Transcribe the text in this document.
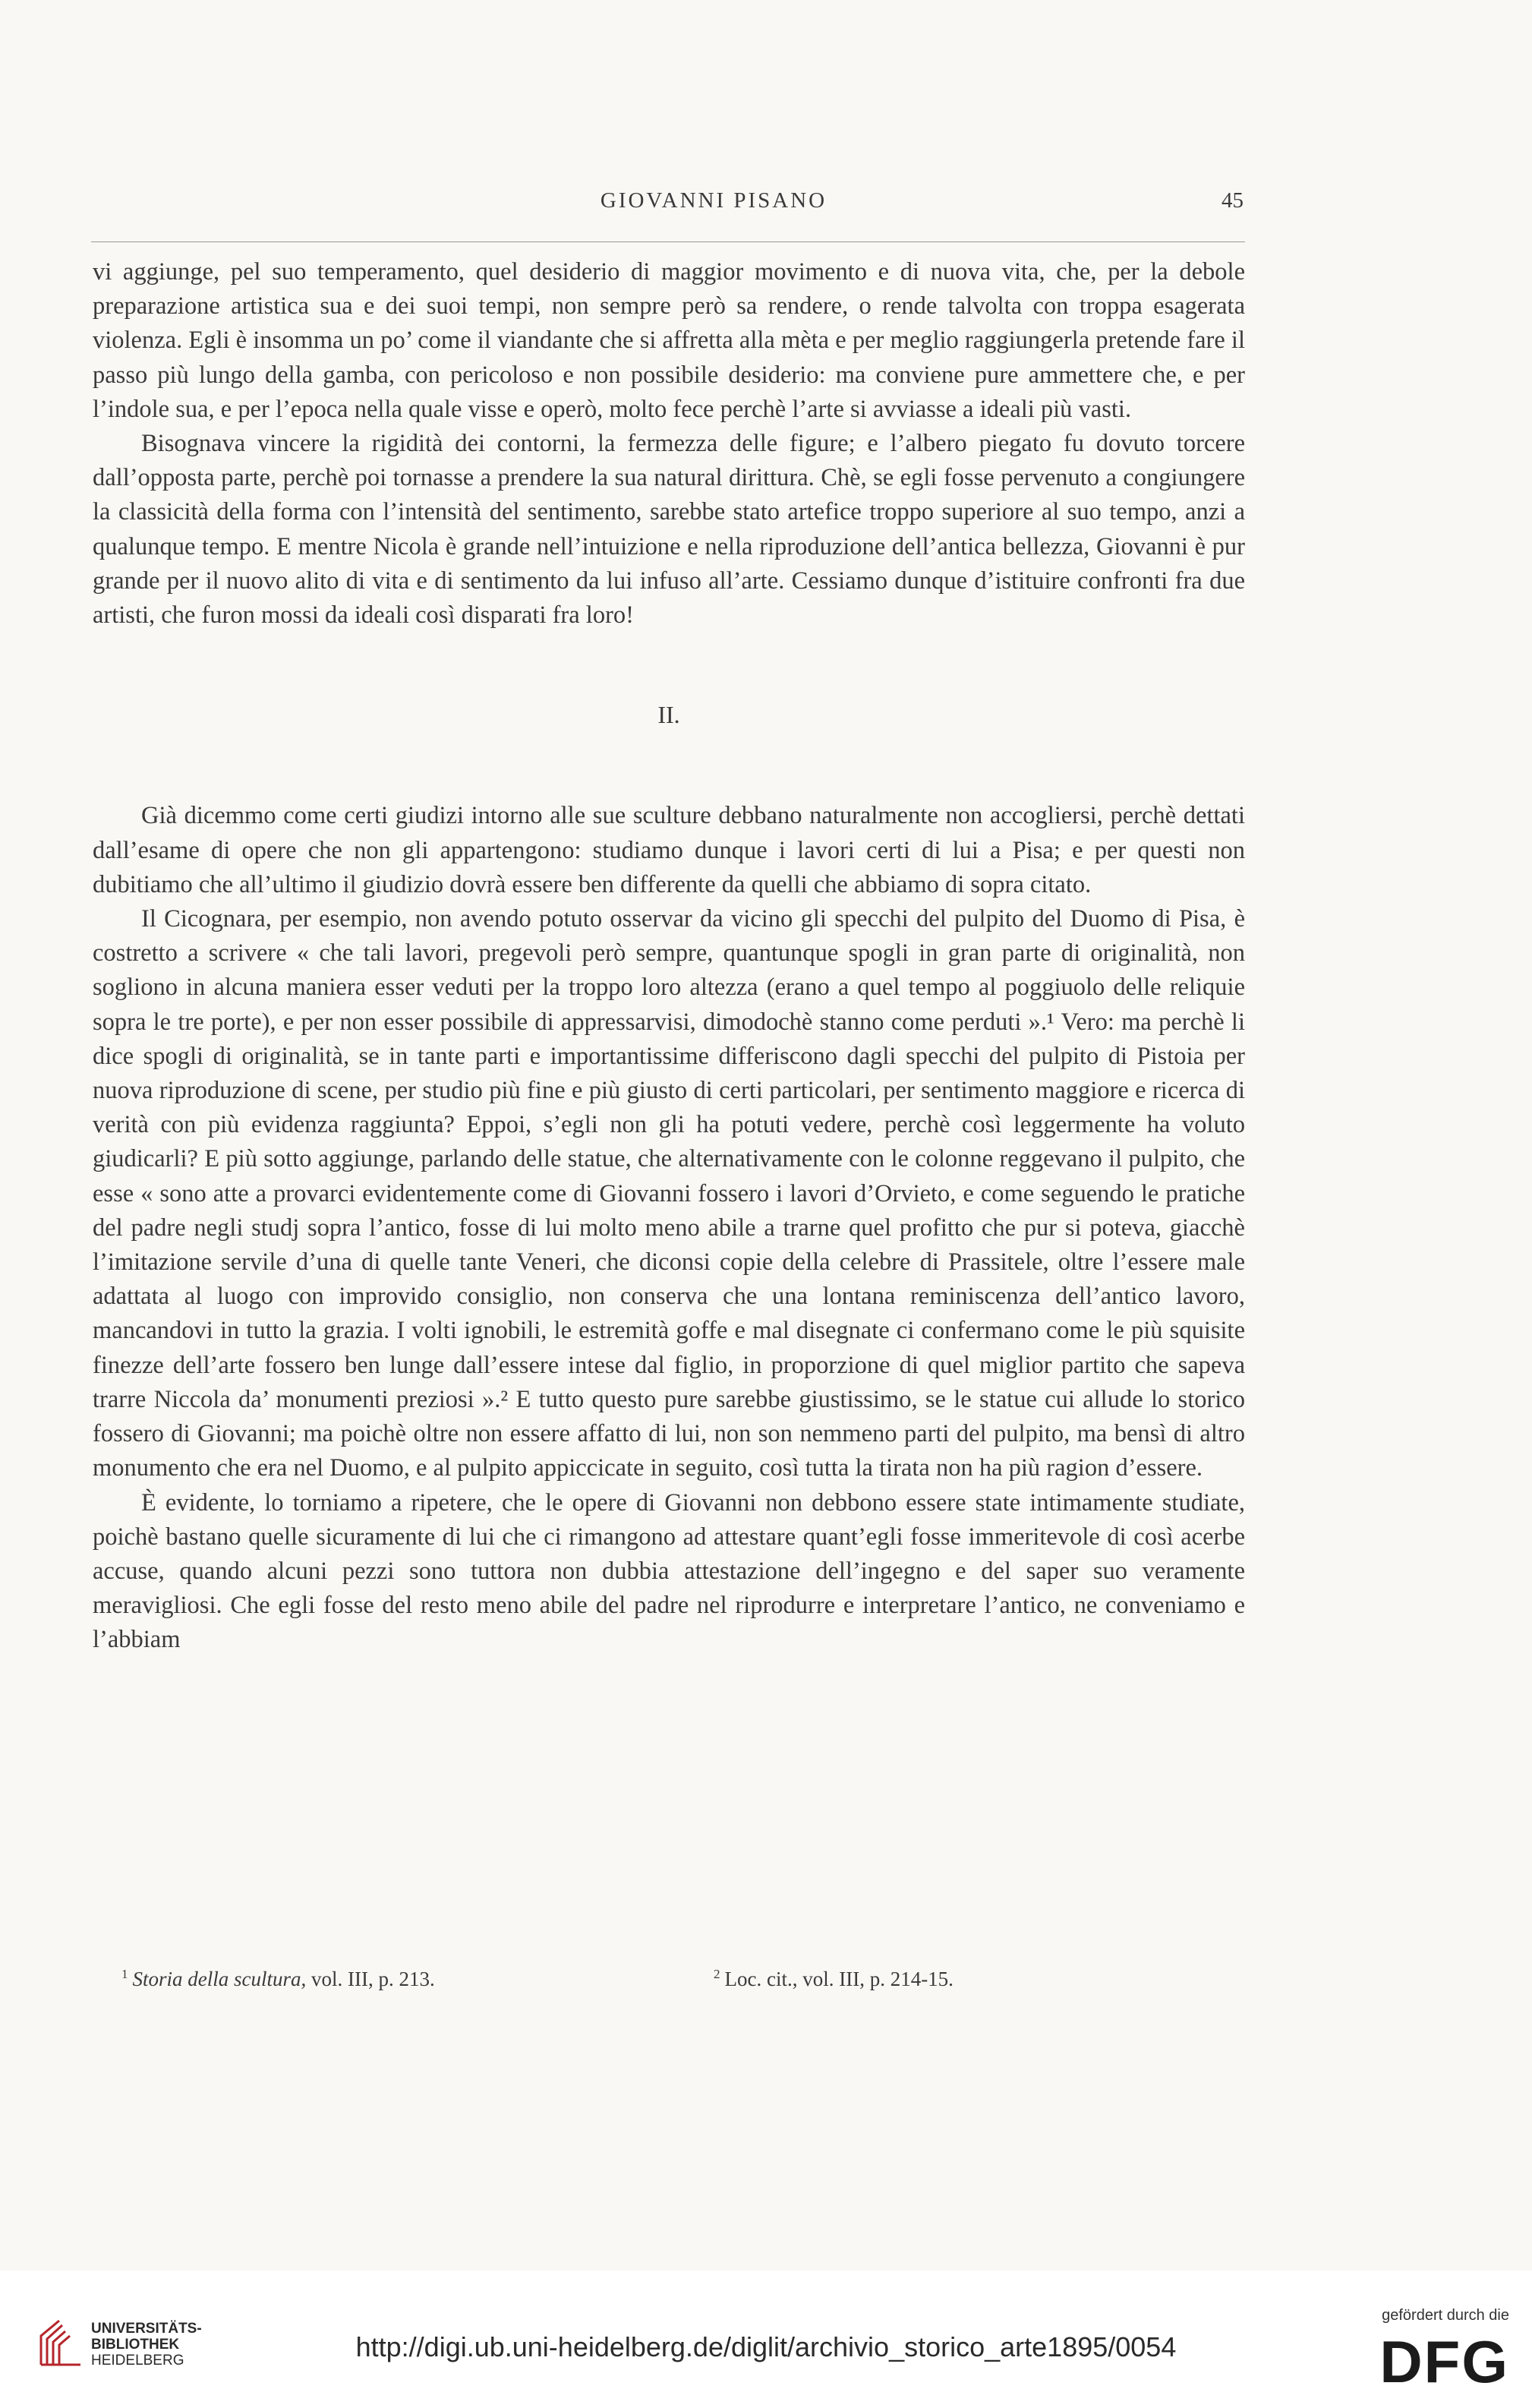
GIOVANNI PISANO	45

vi aggiunge, pel suo temperamento, quel desiderio di maggior movimento e di nuova vita, che, per la debole preparazione artistica sua e dei suoi tempi, non sempre però sa rendere, o rende talvolta con troppa esagerata violenza. Egli è insomma un po’ come il viandante che si affretta alla mèta e per meglio raggiungerla pretende fare il passo più lungo della gamba, con pericoloso e non possibile desiderio: ma conviene pure ammettere che, e per l’indole sua, e per l’epoca nella quale visse e operò, molto fece perchè l’arte si avviasse a ideali più vasti.

Bisognava vincere la rigidità dei contorni, la fermezza delle figure; e l’albero piegato fu dovuto torcere dall’opposta parte, perchè poi tornasse a prendere la sua natural dirittura. Chè, se egli fosse pervenuto a congiungere la classicità della forma con l’intensità del sentimento, sarebbe stato artefice troppo superiore al suo tempo, anzi a qualunque tempo. E mentre Nicola è grande nell’intuizione e nella riproduzione dell’antica bellezza, Giovanni è pur grande per il nuovo alito di vita e di sentimento da lui infuso all’arte. Cessiamo dunque d’istituire confronti fra due artisti, che furon mossi da ideali così disparati fra loro!

II.

Già dicemmo come certi giudizi intorno alle sue sculture debbano naturalmente non accogliersi, perchè dettati dall’esame di opere che non gli appartengono: studiamo dunque i lavori certi di lui a Pisa; e per questi non dubitiamo che all’ultimo il giudizio dovrà essere ben differente da quelli che abbiamo di sopra citato.

Il Cicognara, per esempio, non avendo potuto osservar da vicino gli specchi del pulpito del Duomo di Pisa, è costretto a scrivere « che tali lavori, pregevoli però sempre, quantunque spogli in gran parte di originalità, non sogliono in alcuna maniera esser veduti per la troppo loro altezza (erano a quel tempo al poggiuolo delle reliquie sopra le tre porte), e per non esser possibile di appressarvisi, dimodochè stanno come perduti ».¹ Vero: ma perchè li dice spogli di originalità, se in tante parti e importantissime differiscono dagli specchi del pulpito di Pistoia per nuova riproduzione di scene, per studio più fine e più giusto di certi particolari, per sentimento maggiore e ricerca di verità con più evidenza raggiunta? Eppoi, s’egli non gli ha potuti vedere, perchè così leggermente ha voluto giudicarli? E più sotto aggiunge, parlando delle statue, che alternativamente con le colonne reggevano il pulpito, che esse « sono atte a provarci evidentemente come di Giovanni fossero i lavori d’Orvieto, e come seguendo le pratiche del padre negli studj sopra l’antico, fosse di lui molto meno abile a trarne quel profitto che pur si poteva, giacchè l’imitazione servile d’una di quelle tante Veneri, che diconsi copie della celebre di Prassitele, oltre l’essere male adattata al luogo con improvido consiglio, non conserva che una lontana reminiscenza dell’antico lavoro, mancandovi in tutto la grazia. I volti ignobili, le estremità goffe e mal disegnate ci confermano come le più squisite finezze dell’arte fossero ben lunge dall’essere intese dal figlio, in proporzione di quel miglior partito che sapeva trarre Niccola da’ monumenti preziosi ».² E tutto questo pure sarebbe giustissimo, se le statue cui allude lo storico fossero di Giovanni; ma poichè oltre non essere affatto di lui, non son nemmeno parti del pulpito, ma bensì di altro monumento che era nel Duomo, e al pulpito appiccicate in seguito, così tutta la tirata non ha più ragion d’essere.

È evidente, lo torniamo a ripetere, che le opere di Giovanni non debbono essere state intimamente studiate, poichè bastano quelle sicuramente di lui che ci rimangono ad attestare quant’egli fosse immeritevole di così acerbe accuse, quando alcuni pezzi sono tuttora non dubbia attestazione dell’ingegno e del saper suo veramente meravigliosi. Che egli fosse del resto meno abile del padre nel riprodurre e interpretare l’antico, ne conveniamo e l’abbiam

$^1$ Storia della scultura, vol. III, p. 213.	$^2$ Loc. cit., vol. III, p. 214-15.
UNIVERSITÄTS-
BIBLIOTHEK
HEIDELBERG	http://digi.ub.uni-heidelberg.de/diglit/archivio_storico_arte1895/0054
gefördert durch die
DFG
